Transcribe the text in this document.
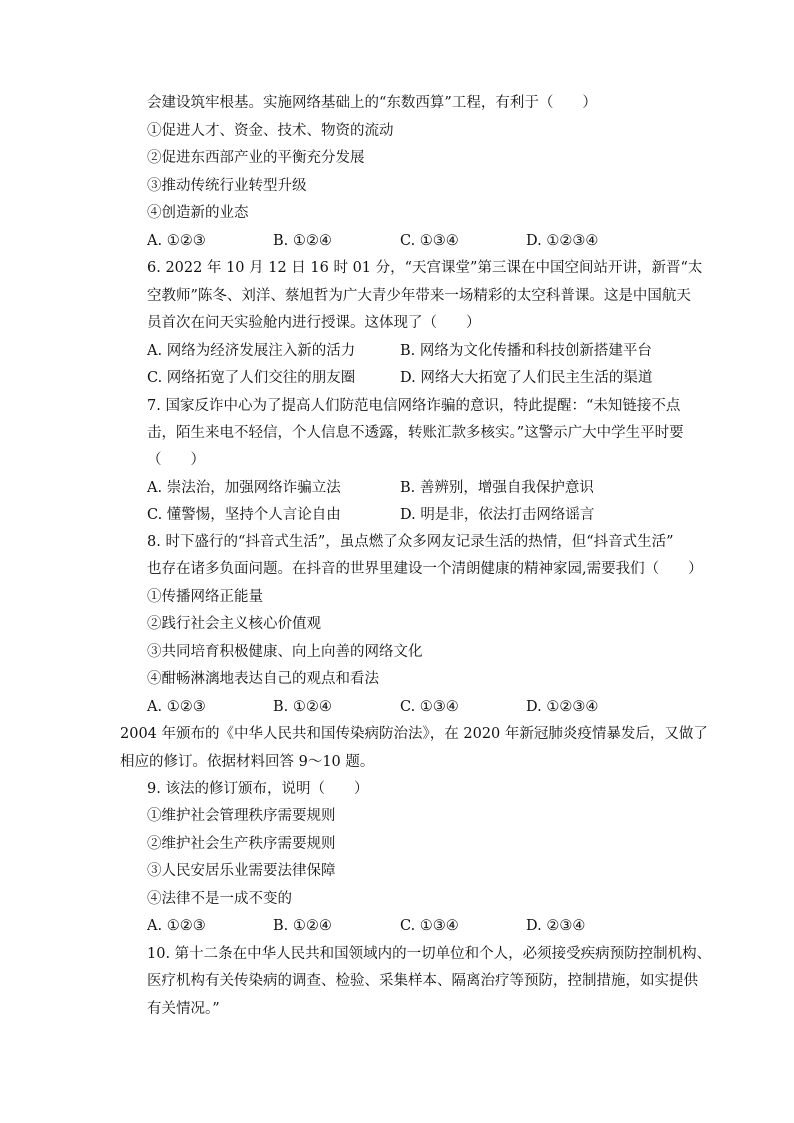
会建设筑牢根基。实施网络基础上的“东数西算”工程，有利于（　　）
①促进人才、资金、技术、物资的流动
②促进东西部产业的平衡充分发展
③推动传统行业转型升级
④创造新的业态
A. ①②③	B. ①②④	C. ①③④	D. ①②③④
6. 2022 年 10 月 12 日 16 时 01 分，“天宫课堂”第三课在中国空间站开讲，新晋“太
空教师”陈冬、刘洋、蔡旭哲为广大青少年带来一场精彩的太空科普课。这是中国航天
员首次在问天实验舱内进行授课。这体现了（　　）
A. 网络为经济发展注入新的活力	B. 网络为文化传播和科技创新搭建平台
C. 网络拓宽了人们交往的朋友圈	D. 网络大大拓宽了人们民主生活的渠道
7. 国家反诈中心为了提高人们防范电信网络诈骗的意识，特此提醒：“未知链接不点
击，陌生来电不轻信，个人信息不透露，转账汇款多核实。”这警示广大中学生平时要
（　　）
A. 崇法治，加强网络诈骗立法	B. 善辨别，增强自我保护意识
C. 懂警惕，坚持个人言论自由	D. 明是非，依法打击网络谣言
8. 时下盛行的“抖音式生活”，虽点燃了众多网友记录生活的热情，但“抖音式生活”
也存在诸多负面问题。在抖音的世界里建设一个清朗健康的精神家园,需要我们（　　）
①传播网络正能量
②践行社会主义核心价值观
③共同培育积极健康、向上向善的网络文化
④酣畅淋漓地表达自己的观点和看法
A. ①②③	B. ①②④	C. ①③④	D. ①②③④
2004 年颁布的《中华人民共和国传染病防治法》，在 2020 年新冠肺炎疫情暴发后，又做了
相应的修订。依据材料回答 9～10 题。
9. 该法的修订颁布，说明（　　）
①维护社会管理秩序需要规则
②维护社会生产秩序需要规则
③人民安居乐业需要法律保障
④法律不是一成不变的
A. ①②③	B. ①②④	C. ①③④	D. ②③④
10. 第十二条在中华人民共和国领域内的一切单位和个人，必须接受疾病预防控制机构、
医疗机构有关传染病的调查、检验、采集样本、隔离治疗等预防，控制措施，如实提供
有关情况。”
